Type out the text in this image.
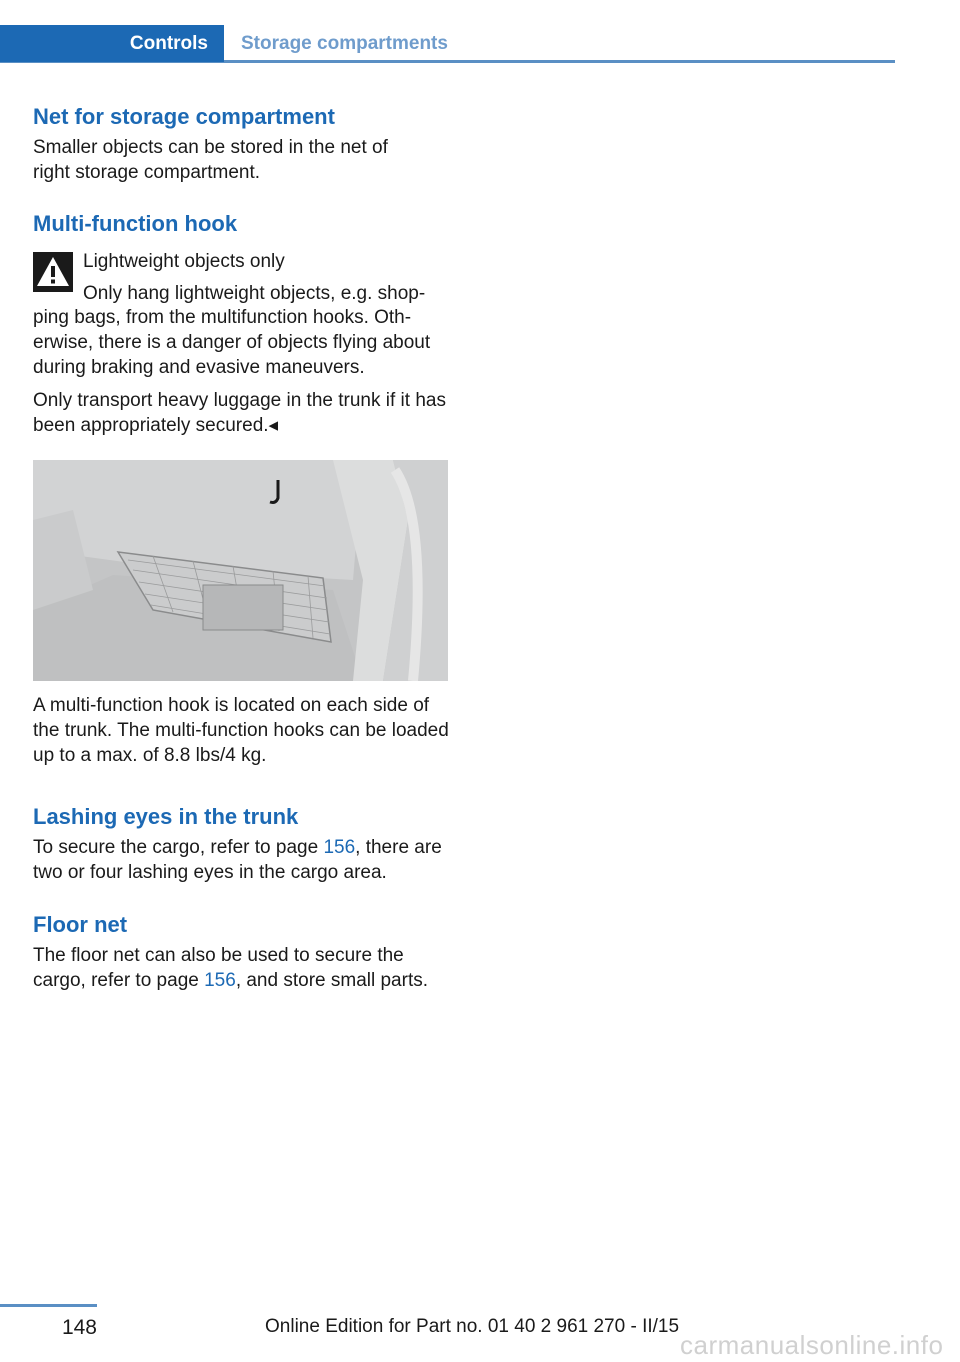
Controls	Storage compartments
Net for storage compartment

Smaller objects can be stored in the net of right storage compartment.

Multi-function hook

Lightweight objects only

Only hang lightweight objects, e.g. shop-

ping bags, from the multifunction hooks. Oth-erwise, there is a danger of objects flying about during braking and evasive maneuvers.

Only transport heavy luggage in the trunk if it has been appropriately secured.◂

A multi-function hook is located on each side of the trunk. The multi-function hooks can be loaded up to a max. of 8.8 lbs/4 kg.

Lashing eyes in the trunk

To secure the cargo, refer to page 156, there are two or four lashing eyes in the cargo area.

Floor net

The floor net can also be used to secure the cargo, refer to page 156, and store small parts.

148	Online Edition for Part no. 01 40 2 961 270 - II/15
carmanualsonline.info
